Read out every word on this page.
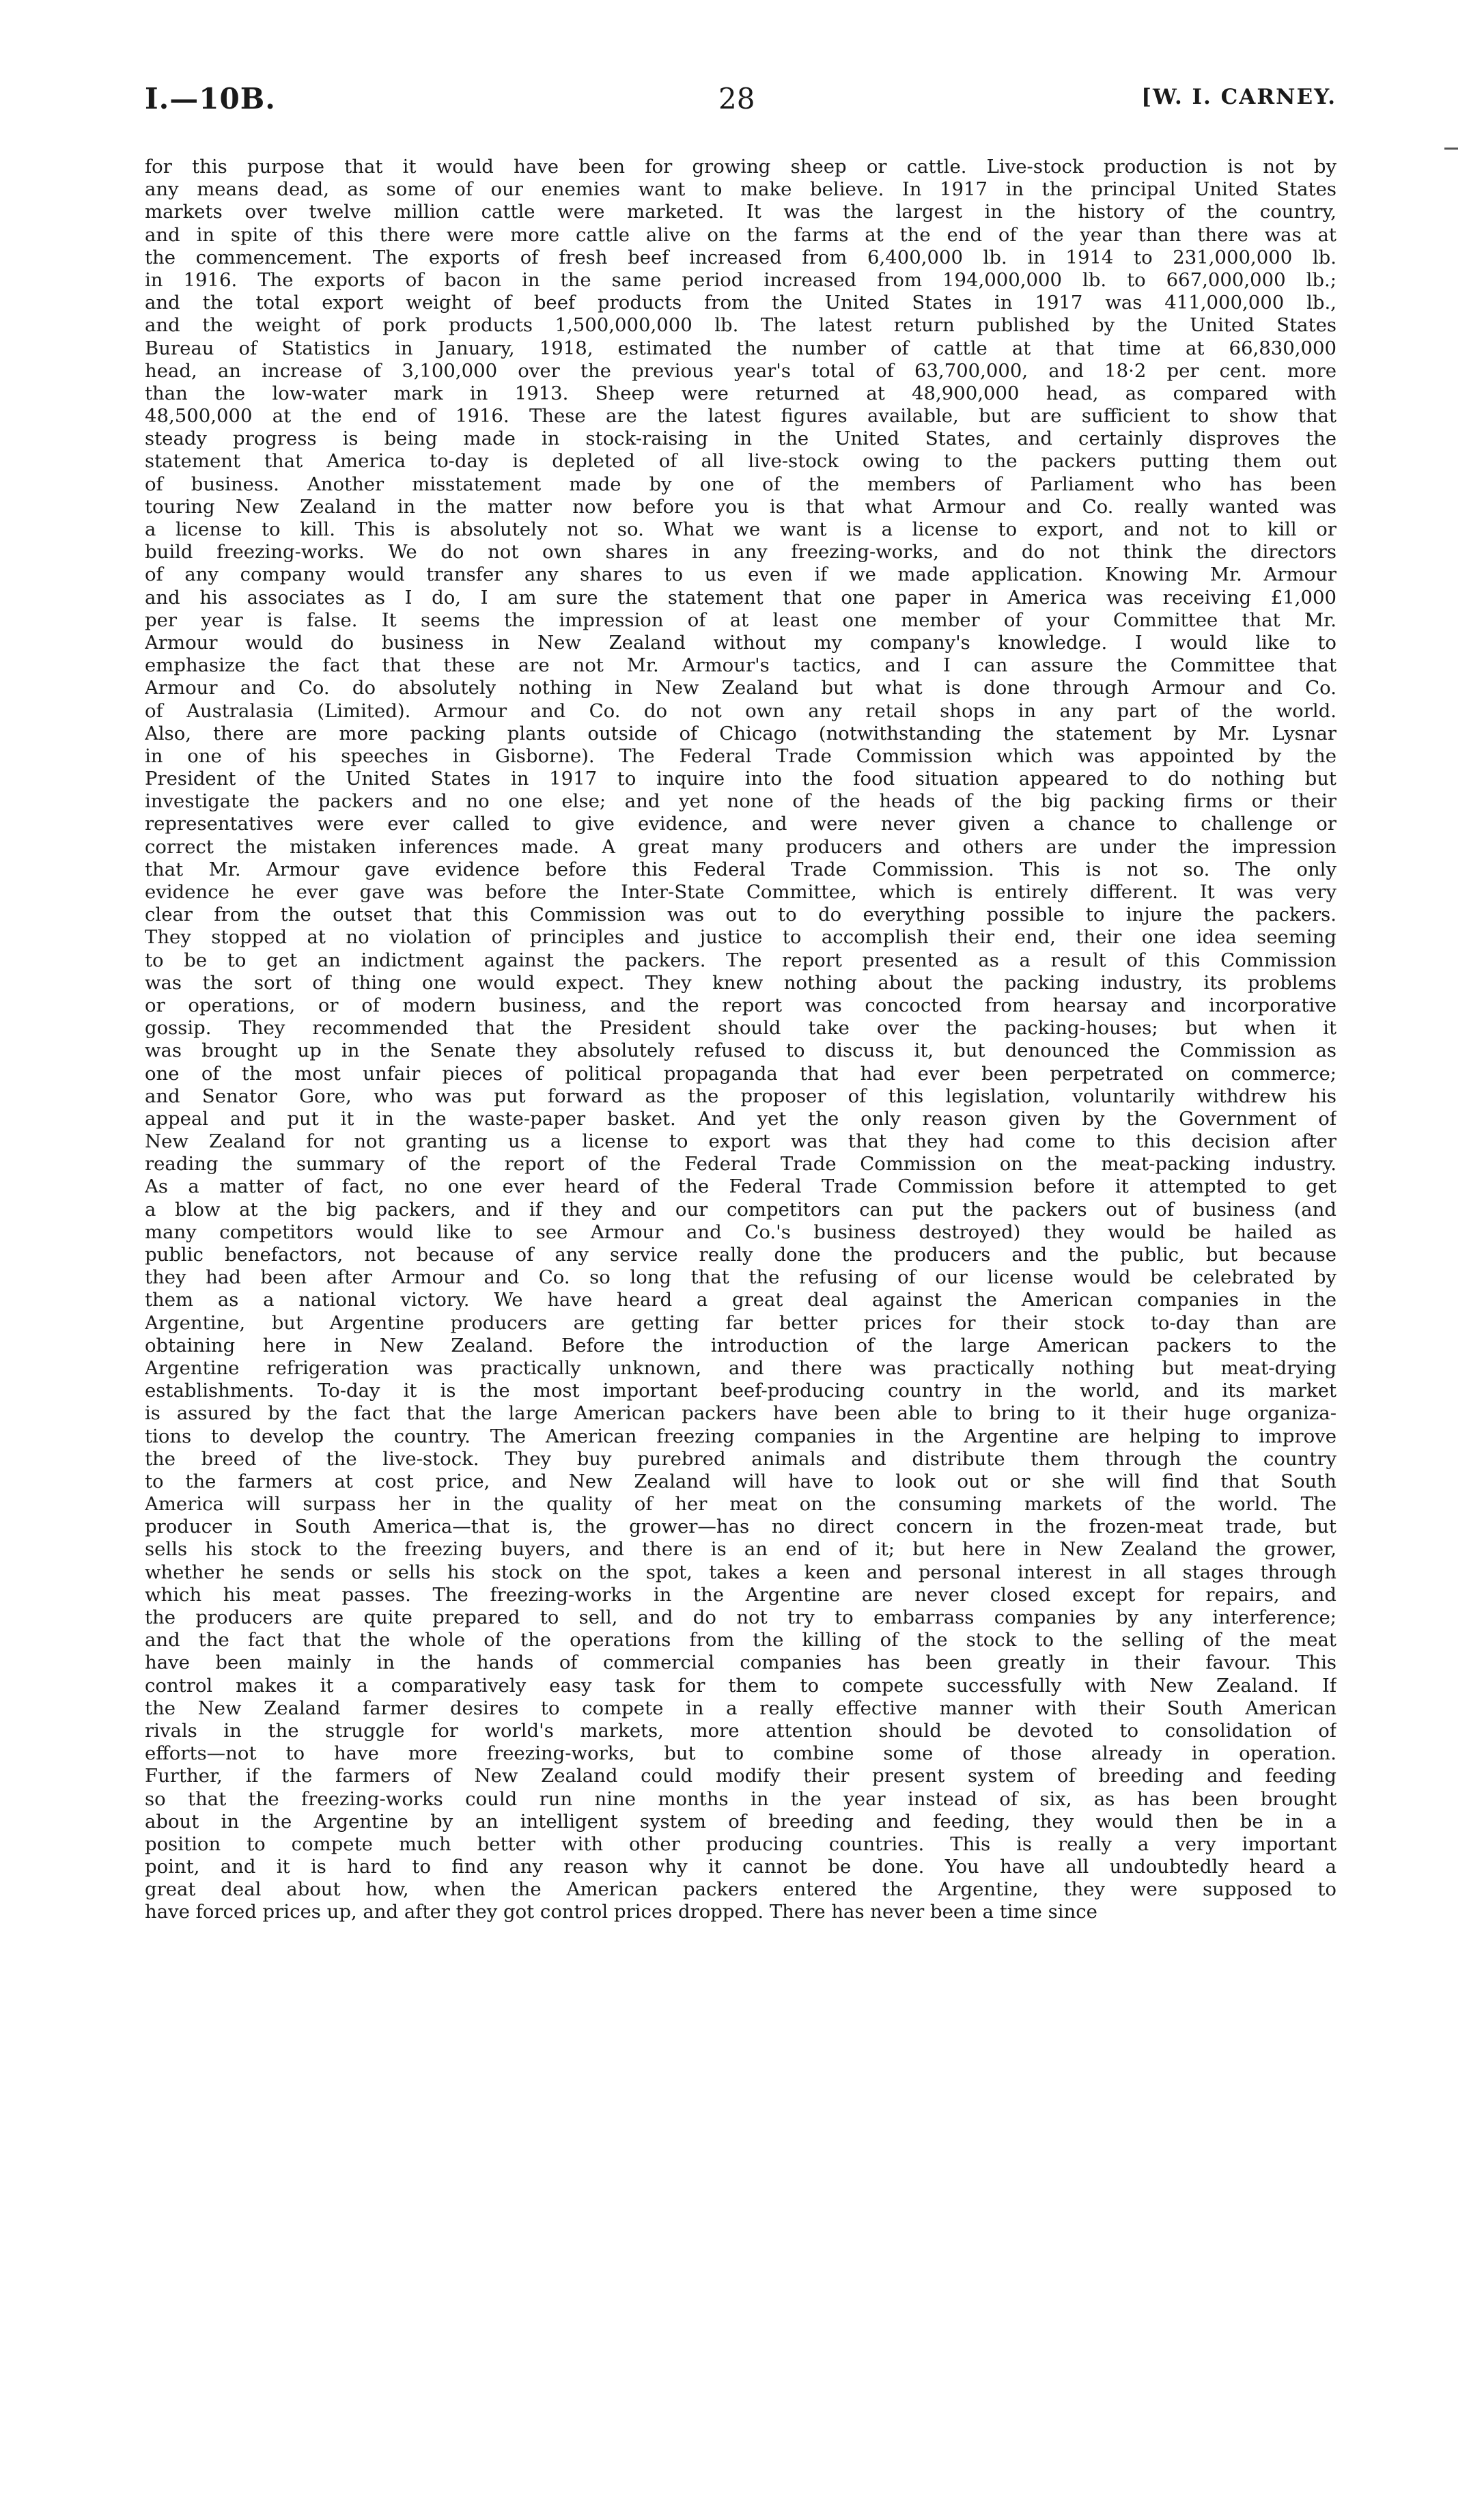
I.—10B.	28	[W. I. CARNEY.
for this purpose that it would have been for growing sheep or cattle. Live-stock production is not by
any means dead, as some of our enemies want to make believe. In 1917 in the principal United States
markets over twelve million cattle were marketed. It was the largest in the history of the country,
and in spite of this there were more cattle alive on the farms at the end of the year than there was at
the commencement. The exports of fresh beef increased from 6,400,000 lb. in 1914 to 231,000,000 lb.
in 1916. The exports of bacon in the same period increased from 194,000,000 lb. to 667,000,000 lb.;
and the total export weight of beef products from the United States in 1917 was 411,000,000 lb.,
and the weight of pork products 1,500,000,000 lb. The latest return published by the United States
Bureau of Statistics in January, 1918, estimated the number of cattle at that time at 66,830,000
head, an increase of 3,100,000 over the previous year's total of 63,700,000, and 18·2 per cent. more
than the low-water mark in 1913. Sheep were returned at 48,900,000 head, as compared with
48,500,000 at the end of 1916. These are the latest figures available, but are sufficient to show that
steady progress is being made in stock-raising in the United States, and certainly disproves the
statement that America to-day is depleted of all live-stock owing to the packers putting them out
of business. Another misstatement made by one of the members of Parliament who has been
touring New Zealand in the matter now before you is that what Armour and Co. really wanted was
a license to kill. This is absolutely not so. What we want is a license to export, and not to kill or
build freezing-works. We do not own shares in any freezing-works, and do not think the directors
of any company would transfer any shares to us even if we made application. Knowing Mr. Armour
and his associates as I do, I am sure the statement that one paper in America was receiving £1,000
per year is false. It seems the impression of at least one member of your Committee that Mr.
Armour would do business in New Zealand without my company's knowledge. I would like to
emphasize the fact that these are not Mr. Armour's tactics, and I can assure the Committee that
Armour and Co. do absolutely nothing in New Zealand but what is done through Armour and Co.
of Australasia (Limited). Armour and Co. do not own any retail shops in any part of the world.
Also, there are more packing plants outside of Chicago (notwithstanding the statement by Mr. Lysnar
in one of his speeches in Gisborne). The Federal Trade Commission which was appointed by the
President of the United States in 1917 to inquire into the food situation appeared to do nothing but
investigate the packers and no one else; and yet none of the heads of the big packing firms or their
representatives were ever called to give evidence, and were never given a chance to challenge or
correct the mistaken inferences made. A great many producers and others are under the impression
that Mr. Armour gave evidence before this Federal Trade Commission. This is not so. The only
evidence he ever gave was before the Inter-State Committee, which is entirely different. It was very
clear from the outset that this Commission was out to do everything possible to injure the packers.
They stopped at no violation of principles and justice to accomplish their end, their one idea seeming
to be to get an indictment against the packers. The report presented as a result of this Commission
was the sort of thing one would expect. They knew nothing about the packing industry, its problems
or operations, or of modern business, and the report was concocted from hearsay and incorporative
gossip. They recommended that the President should take over the packing-houses; but when it
was brought up in the Senate they absolutely refused to discuss it, but denounced the Commission as
one of the most unfair pieces of political propaganda that had ever been perpetrated on commerce;
and Senator Gore, who was put forward as the proposer of this legislation, voluntarily withdrew his
appeal and put it in the waste-paper basket. And yet the only reason given by the Government of
New Zealand for not granting us a license to export was that they had come to this decision after
reading the summary of the report of the Federal Trade Commission on the meat-packing industry.
As a matter of fact, no one ever heard of the Federal Trade Commission before it attempted to get
a blow at the big packers, and if they and our competitors can put the packers out of business (and
many competitors would like to see Armour and Co.'s business destroyed) they would be hailed as
public benefactors, not because of any service really done the producers and the public, but because
they had been after Armour and Co. so long that the refusing of our license would be celebrated by
them as a national victory. We have heard a great deal against the American companies in the
Argentine, but Argentine producers are getting far better prices for their stock to-day than are
obtaining here in New Zealand. Before the introduction of the large American packers to the
Argentine refrigeration was practically unknown, and there was practically nothing but meat-drying
establishments. To-day it is the most important beef-producing country in the world, and its market
is assured by the fact that the large American packers have been able to bring to it their huge organiza-
tions to develop the country. The American freezing companies in the Argentine are helping to improve
the breed of the live-stock. They buy purebred animals and distribute them through the country
to the farmers at cost price, and New Zealand will have to look out or she will find that South
America will surpass her in the quality of her meat on the consuming markets of the world. The
producer in South America—that is, the grower—has no direct concern in the frozen-meat trade, but
sells his stock to the freezing buyers, and there is an end of it; but here in New Zealand the grower,
whether he sends or sells his stock on the spot, takes a keen and personal interest in all stages through
which his meat passes. The freezing-works in the Argentine are never closed except for repairs, and
the producers are quite prepared to sell, and do not try to embarrass companies by any interference;
and the fact that the whole of the operations from the killing of the stock to the selling of the meat
have been mainly in the hands of commercial companies has been greatly in their favour. This
control makes it a comparatively easy task for them to compete successfully with New Zealand. If
the New Zealand farmer desires to compete in a really effective manner with their South American
rivals in the struggle for world's markets, more attention should be devoted to consolidation of
efforts—not to have more freezing-works, but to combine some of those already in operation.
Further, if the farmers of New Zealand could modify their present system of breeding and feeding
so that the freezing-works could run nine months in the year instead of six, as has been brought
about in the Argentine by an intelligent system of breeding and feeding, they would then be in a
position to compete much better with other producing countries. This is really a very important
point, and it is hard to find any reason why it cannot be done. You have all undoubtedly heard a
great deal about how, when the American packers entered the Argentine, they were supposed to
have forced prices up, and after they got control prices dropped. There has never been a time since
